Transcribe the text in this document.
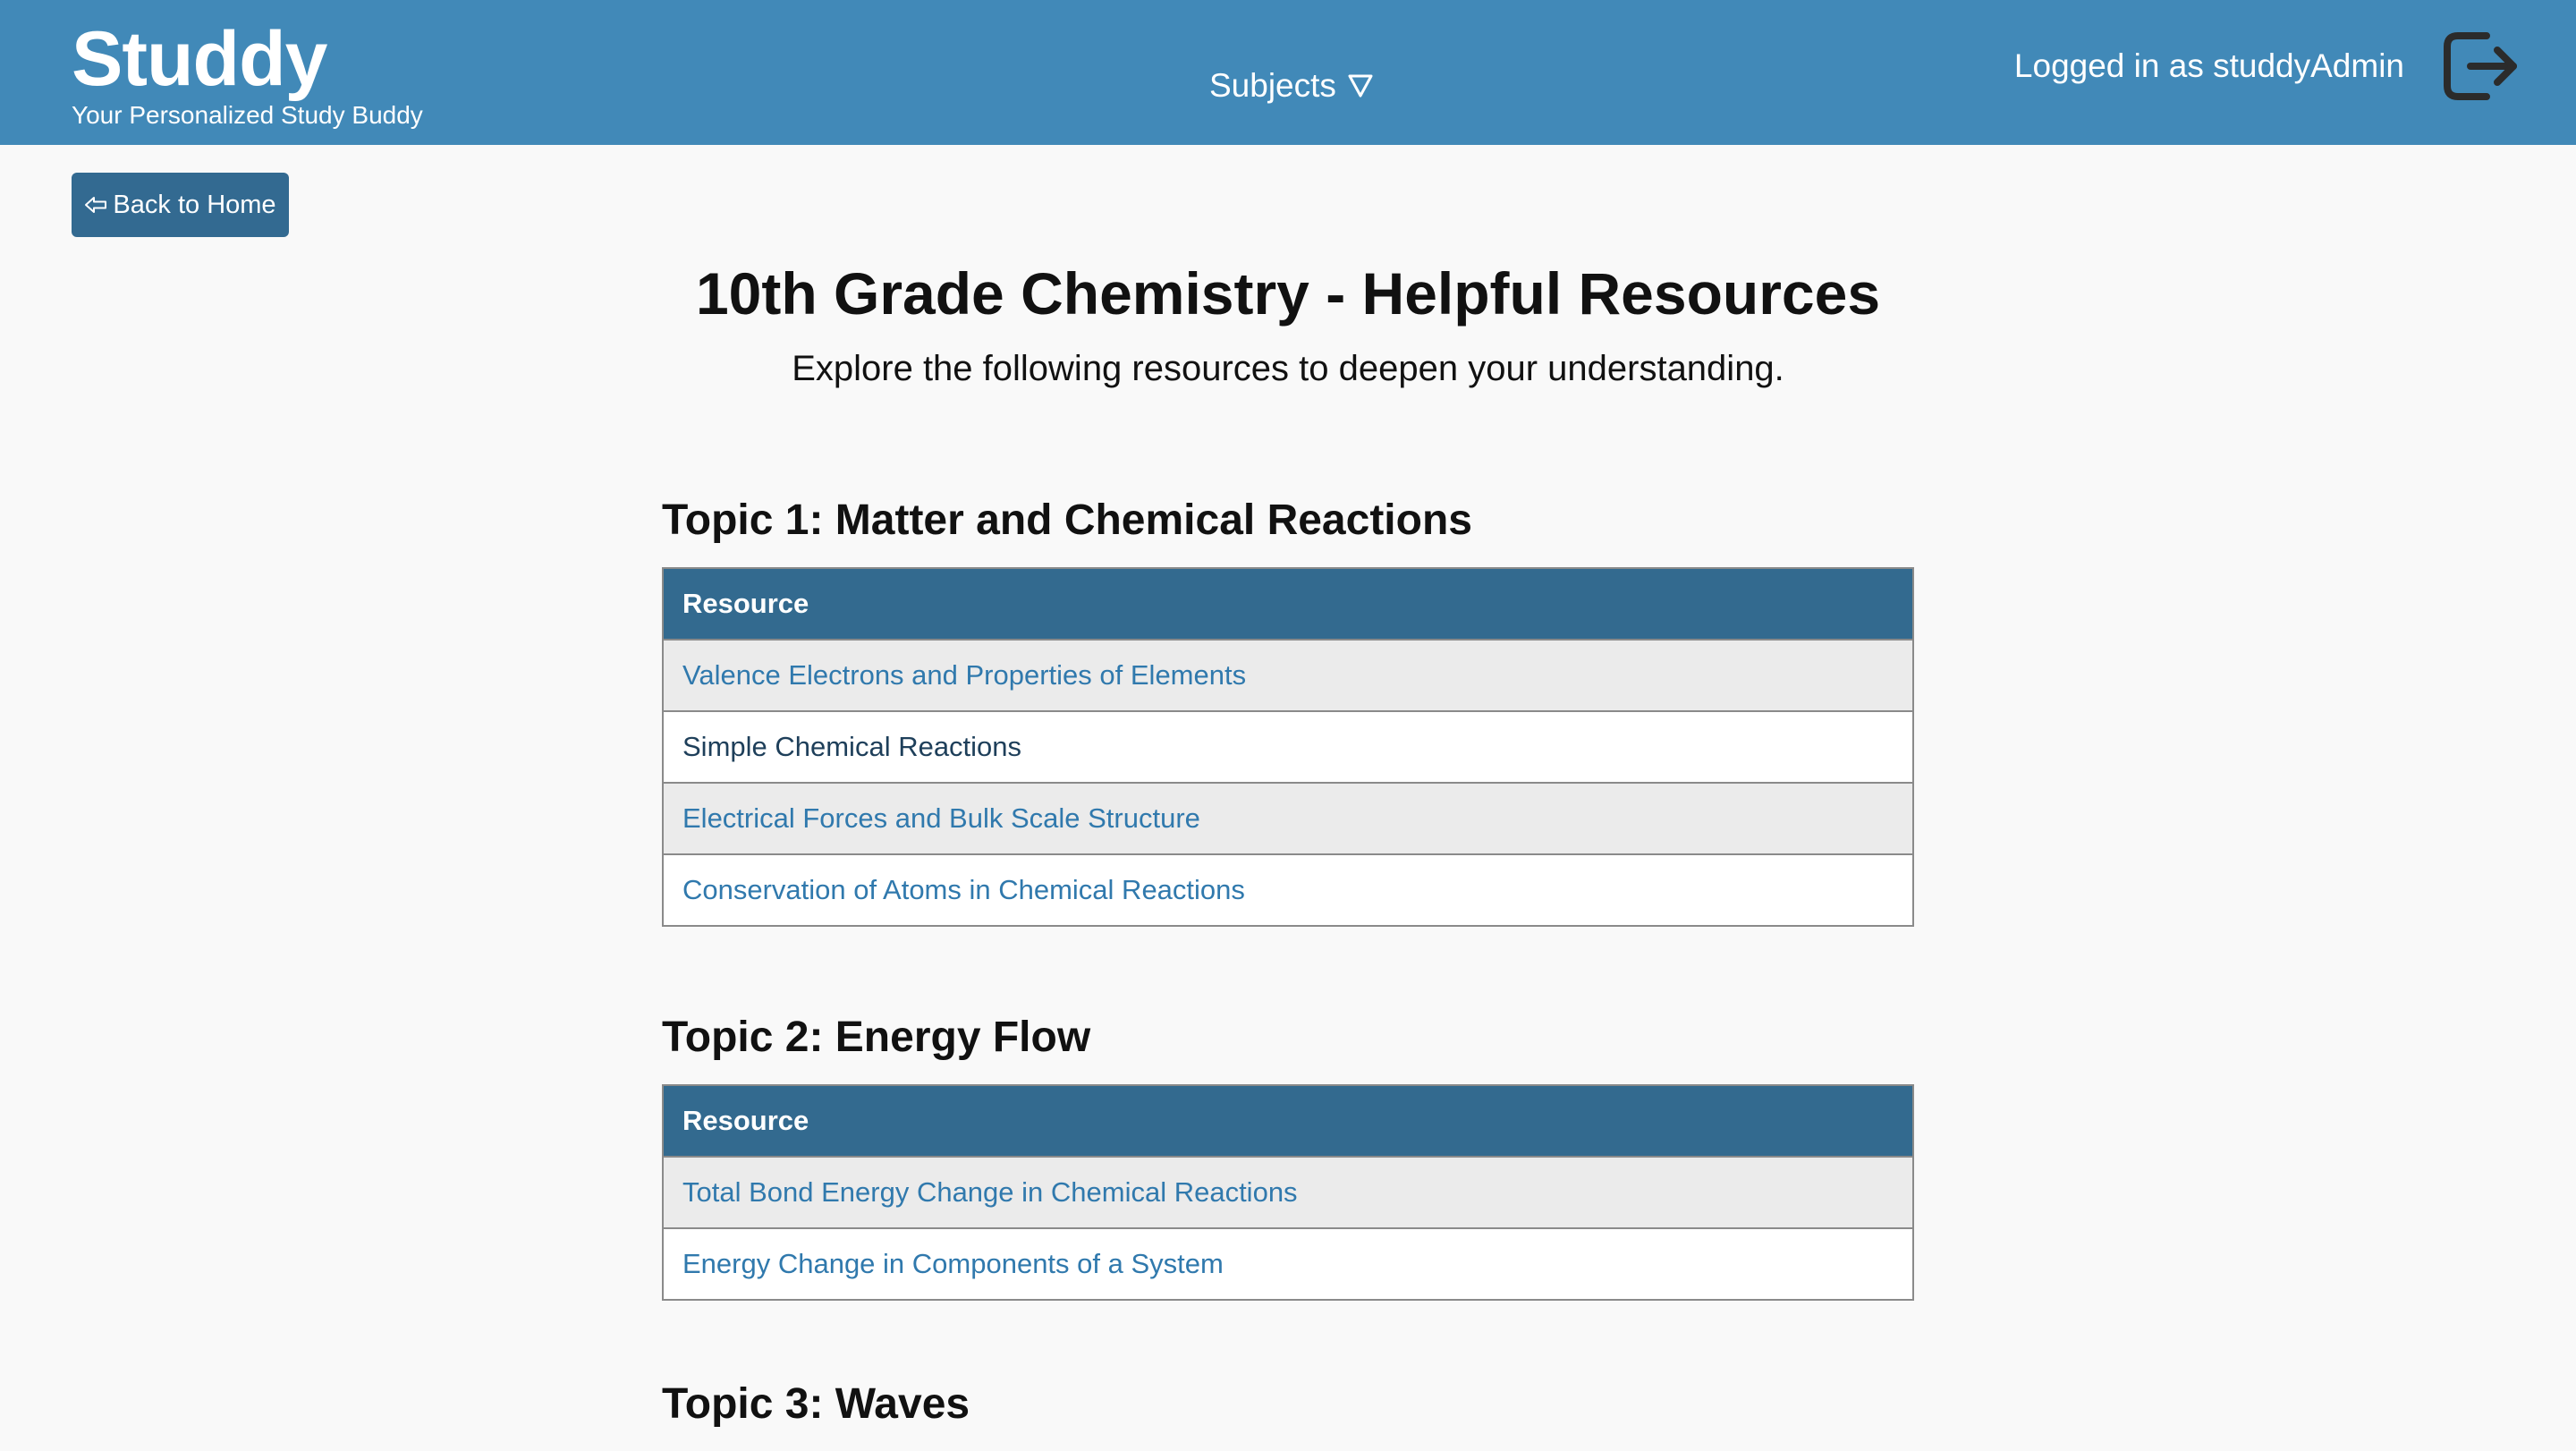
Studdy
Your Personalized Study Buddy
Subjects
Logged in as studdyAdmin
Back to Home
10th Grade Chemistry - Helpful Resources

Explore the following resources to deepen your understanding.

Topic 1: Matter and Chemical Reactions
Resource
Valence Electrons and Properties of Elements
Simple Chemical Reactions
Electrical Forces and Bulk Scale Structure
Conservation of Atoms in Chemical Reactions
Topic 2: Energy Flow
Resource
Total Bond Energy Change in Chemical Reactions
Energy Change in Components of a System
Topic 3: Waves
